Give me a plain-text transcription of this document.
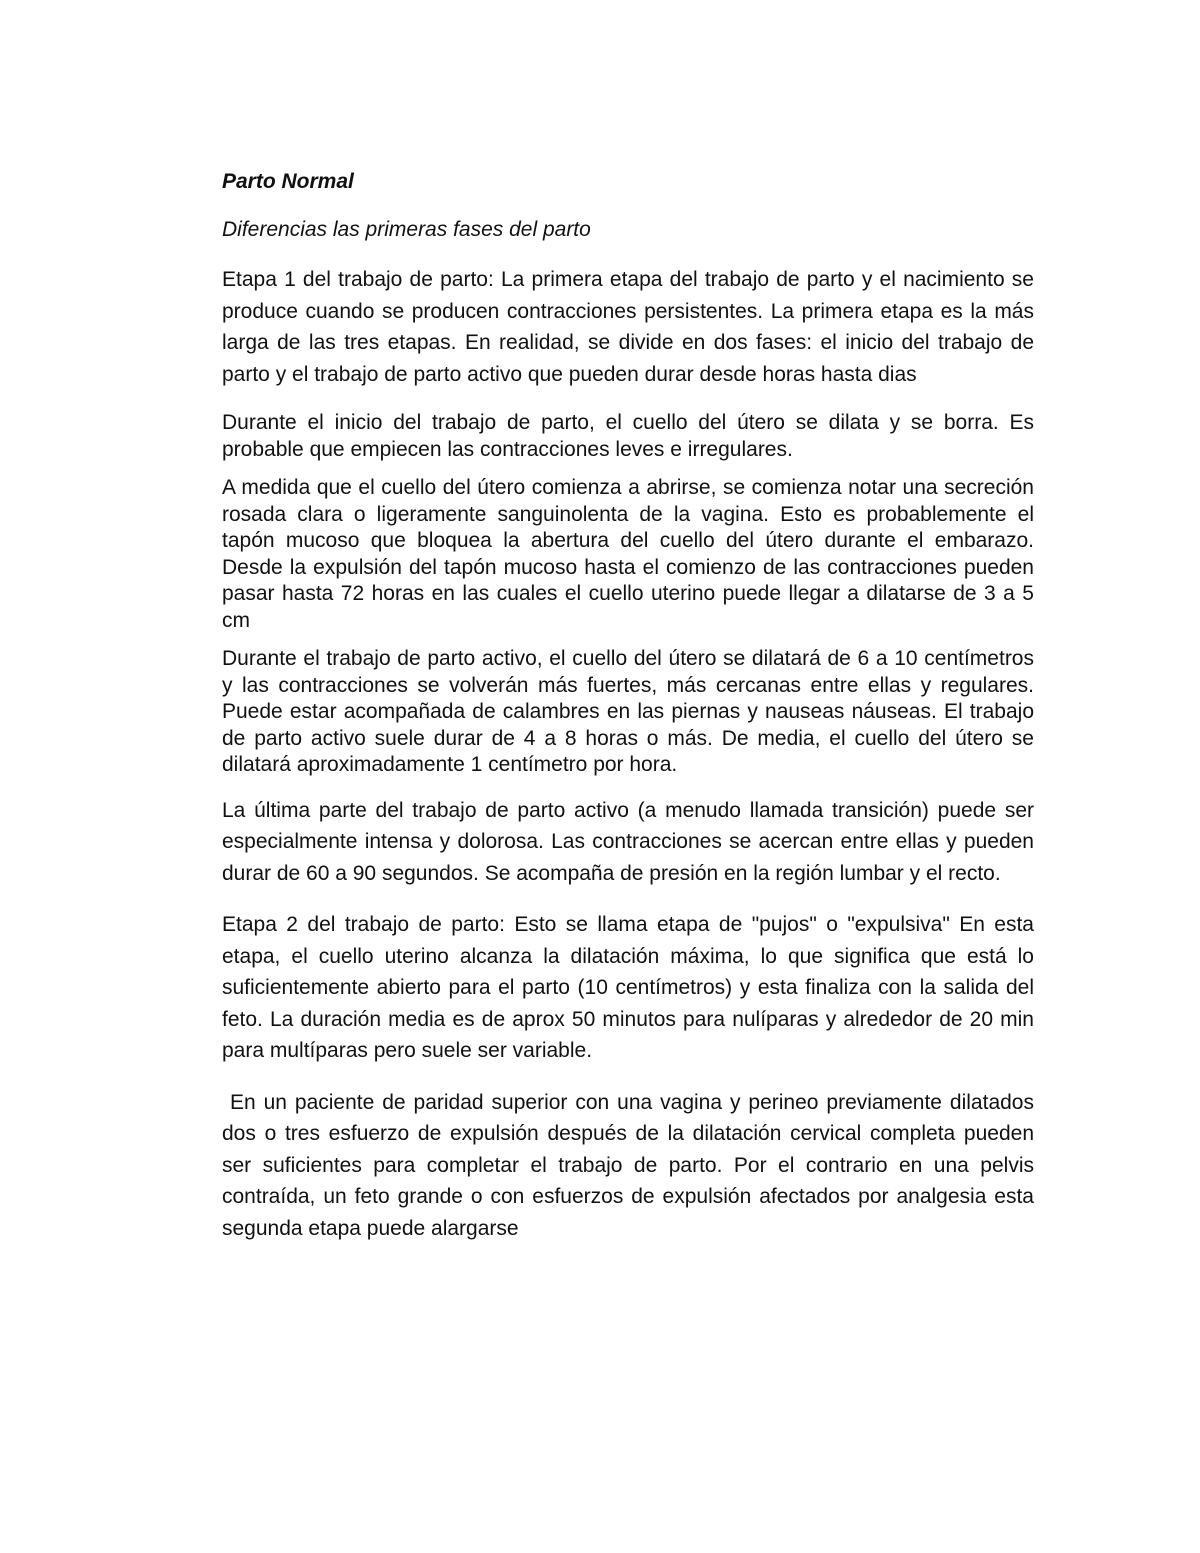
Parto Normal
Diferencias las primeras fases del parto

Etapa 1 del trabajo de parto: La primera etapa del trabajo de parto y el nacimiento se produce cuando se producen contracciones persistentes. La primera etapa es la más larga de las tres etapas. En realidad, se divide en dos fases: el inicio del trabajo de parto y el trabajo de parto activo que pueden durar desde horas hasta dias

Durante el inicio del trabajo de parto, el cuello del útero se dilata y se borra. Es probable que empiecen las contracciones leves e irregulares.

A medida que el cuello del útero comienza a abrirse, se comienza notar una secreción rosada clara o ligeramente sanguinolenta de la vagina. Esto es probablemente el tapón mucoso que bloquea la abertura del cuello del útero durante el embarazo. Desde la expulsión del tapón mucoso hasta el comienzo de las contracciones pueden pasar hasta 72 horas en las cuales el cuello uterino puede llegar a dilatarse de 3 a 5 cm

Durante el trabajo de parto activo, el cuello del útero se dilatará de 6 a 10 centímetros y las contracciones se volverán más fuertes, más cercanas entre ellas y regulares. Puede estar acompañada de calambres en las piernas y nauseas náuseas. El trabajo de parto activo suele durar de 4 a 8 horas o más. De media, el cuello del útero se dilatará aproximadamente 1 centímetro por hora.

La última parte del trabajo de parto activo (a menudo llamada transición) puede ser especialmente intensa y dolorosa. Las contracciones se acercan entre ellas y pueden durar de 60 a 90 segundos. Se acompaña de presión en la región lumbar y el recto.

Etapa 2 del trabajo de parto: Esto se llama etapa de "pujos" o "expulsiva" En esta etapa, el cuello uterino alcanza la dilatación máxima, lo que significa que está lo suficientemente abierto para el parto (10 centímetros) y esta finaliza con la salida del feto. La duración media es de aprox 50 minutos para nulíparas y alrededor de 20 min para multíparas pero suele ser variable.

En un paciente de paridad superior con una vagina y perineo previamente dilatados dos o tres esfuerzo de expulsión después de la dilatación cervical completa pueden ser suficientes para completar el trabajo de parto. Por el contrario en una pelvis contraída, un feto grande o con esfuerzos de expulsión afectados por analgesia esta segunda etapa puede alargarse
